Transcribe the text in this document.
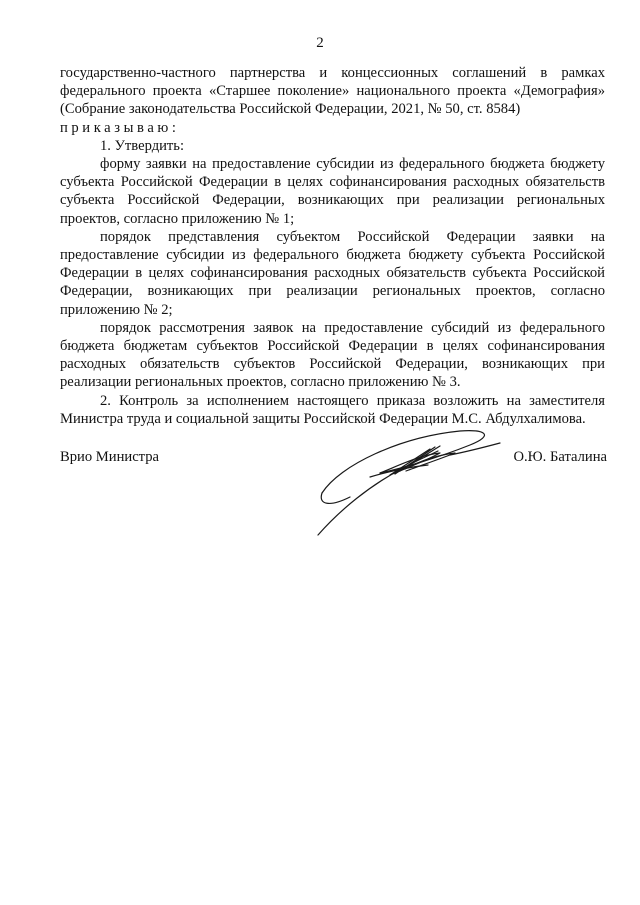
2

государственно-частного партнерства и концессионных соглашений в рамках федерального проекта «Старшее поколение» национального проекта «Демография» (Собрание законодательства Российской Федерации, 2021, № 50, ст. 8584)

приказываю:

1. Утвердить:

форму заявки на предоставление субсидии из федерального бюджета бюджету субъекта Российской Федерации в целях софинансирования расходных обязательств субъекта Российской Федерации, возникающих при реализации региональных проектов, согласно приложению № 1;

порядок представления субъектом Российской Федерации заявки на предоставление субсидии из федерального бюджета бюджету субъекта Российской Федерации в целях софинансирования расходных обязательств субъекта Российской Федерации, возникающих при реализации региональных проектов, согласно приложению № 2;

порядок рассмотрения заявок на предоставление субсидий из федерального бюджета бюджетам субъектов Российской Федерации в целях софинансирования расходных обязательств субъектов Российской Федерации, возникающих при реализации региональных проектов, согласно приложению № 3.

2. Контроль за исполнением настоящего приказа возложить на заместителя Министра труда и социальной защиты Российской Федерации М.С. Абдулхалимова.

Врио Министра	О.Ю. Баталина
